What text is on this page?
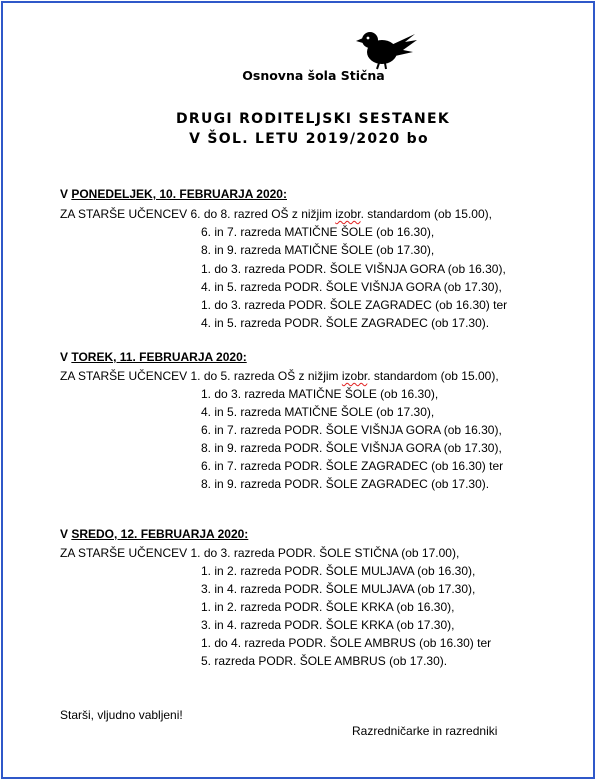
Osnovna šola Stična
DRUGI RODITELJSKI SESTANEK
V ŠOL. LETU 2019/2020 bo
V PONEDELJEK, 10. FEBRUARJA 2020:
ZA STARŠE UČENCEV 6. do 8. razred OŠ z nižjim izobr. standardom (ob 15.00),
6. in 7. razreda MATIČNE ŠOLE (ob 16.30),
8. in 9. razreda MATIČNE ŠOLE (ob 17.30),
1. do 3. razreda PODR. ŠOLE VIŠNJA GORA (ob 16.30),
4. in 5. razreda PODR. ŠOLE VIŠNJA GORA (ob 17.30),
1. do 3. razreda PODR. ŠOLE ZAGRADEC (ob 16.30) ter
4. in 5. razreda PODR. ŠOLE ZAGRADEC (ob 17.30).
V TOREK, 11. FEBRUARJA 2020:
ZA STARŠE UČENCEV 1. do 5. razreda OŠ z nižjim izobr. standardom (ob 15.00),
1. do 3. razreda MATIČNE ŠOLE (ob 16.30),
4. in 5. razreda MATIČNE ŠOLE (ob 17.30),
6. in 7. razreda PODR. ŠOLE VIŠNJA GORA (ob 16.30),
8. in 9. razreda PODR. ŠOLE VIŠNJA GORA (ob 17.30),
6. in 7. razreda PODR. ŠOLE ZAGRADEC (ob 16.30) ter
8. in 9. razreda PODR. ŠOLE ZAGRADEC (ob 17.30).
V SREDO, 12. FEBRUARJA 2020:
ZA STARŠE UČENCEV 1. do 3. razreda PODR. ŠOLE STIČNA (ob 17.00),
1. in 2. razreda PODR. ŠOLE MULJAVA (ob 16.30),
3. in 4. razreda PODR. ŠOLE MULJAVA (ob 17.30),
1. in 2. razreda PODR. ŠOLE KRKA (ob 16.30),
3. in 4. razreda PODR. ŠOLE KRKA (ob 17.30),
1. do 4. razreda PODR. ŠOLE AMBRUS (ob 16.30) ter
5. razreda PODR. ŠOLE AMBRUS (ob 17.30).
Starši, vljudno vabljeni!
Razredničarke in razredniki
